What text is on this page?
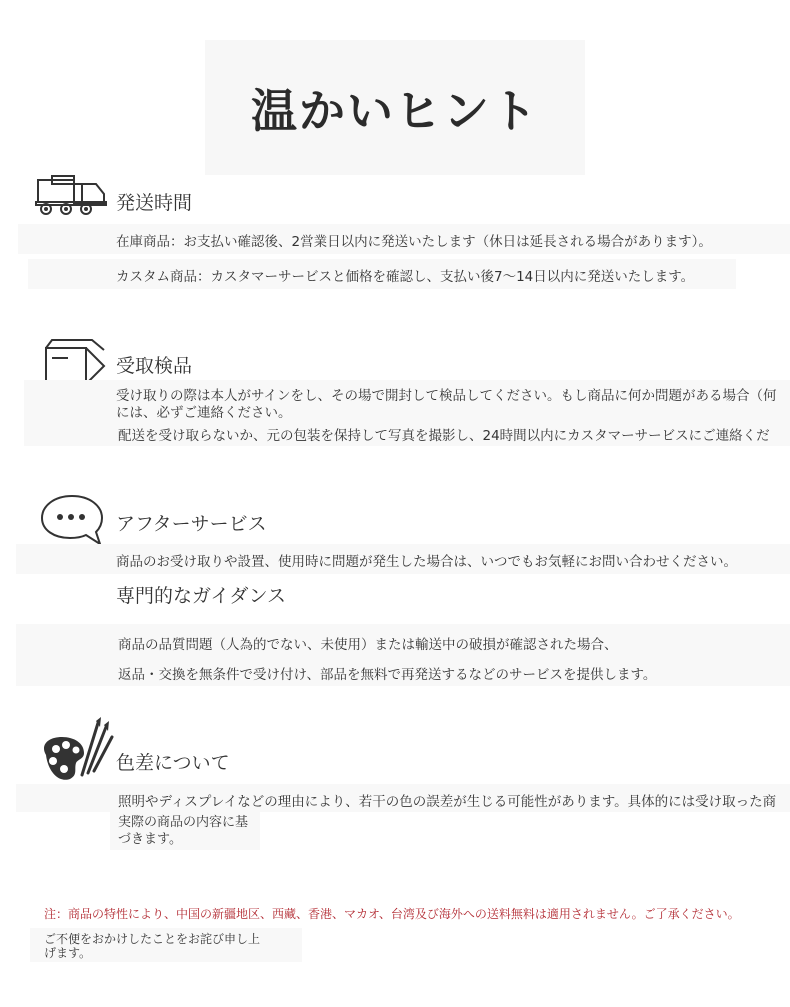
温かいヒント
発送時間
在庫商品：お支払い確認後、2営業日以内に発送いたします（休日は延長される場合があります）。
カスタム商品：カスタマーサービスと価格を確認し、支払い後7〜14日以内に発送いたします。
受取検品
受け取りの際は本人がサインをし、その場で開封して検品してください。もし商品に何か問題がある場合（何
には、必ずご連絡ください。
配送を受け取らないか、元の包装を保持して写真を撮影し、24時間以内にカスタマーサービスにご連絡くだ
アフターサービス
商品のお受け取りや設置、使用時に問題が発生した場合は、いつでもお気軽にお問い合わせください。
専門的なガイダンス
商品の品質問題（人為的でない、未使用）または輸送中の破損が確認された場合、
返品・交換を無条件で受け付け、部品を無料で再発送するなどのサービスを提供します。
色差について
照明やディスプレイなどの理由により、若干の色の誤差が生じる可能性があります。具体的には受け取った商
実際の商品の内容に基
づきます。
注：商品の特性により、中国の新疆地区、西藏、香港、マカオ、台湾及び海外への送料無料は適用されません。ご了承ください。
ご不便をおかけしたことをお詫び申し上
げます。
